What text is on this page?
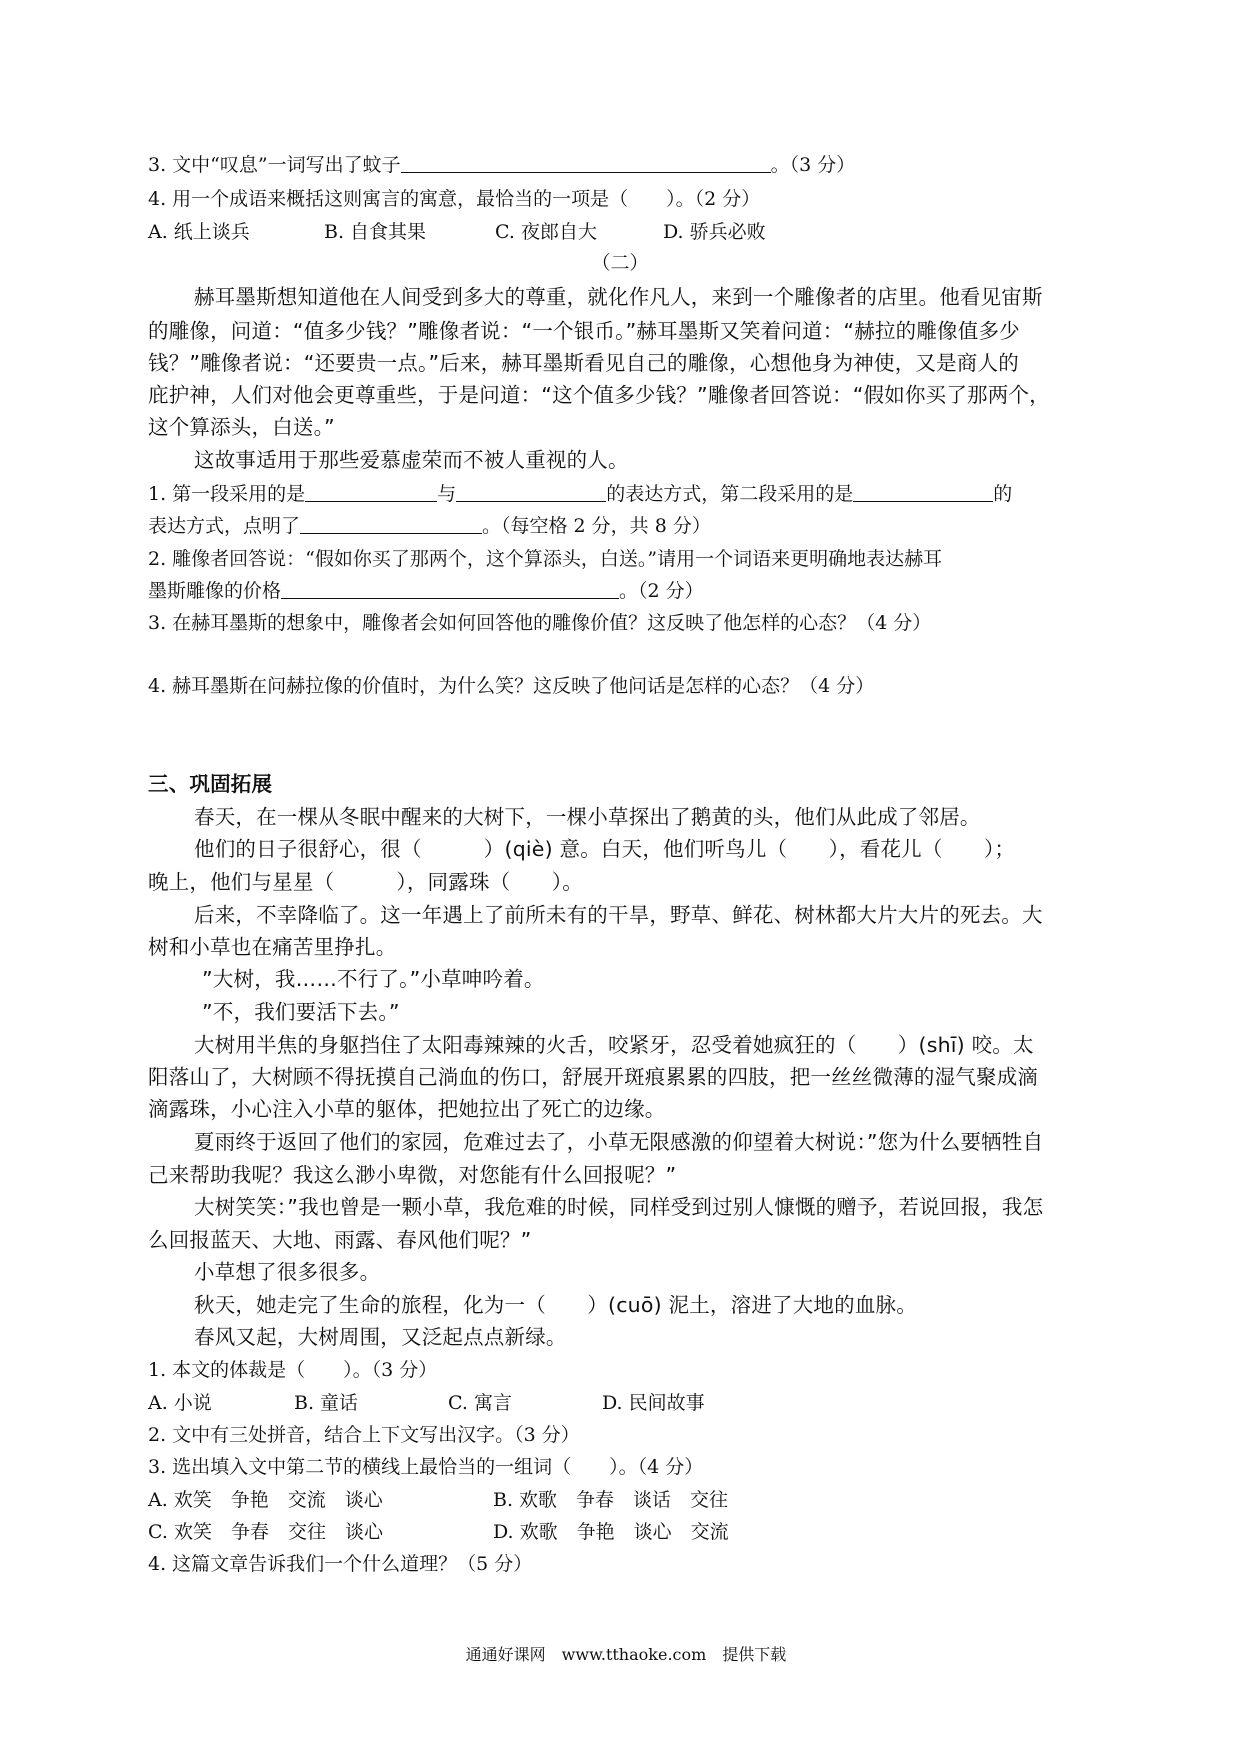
3. 文中“叹息”一词写出了蚊子	。（3 分）
4. 用一个成语来概括这则寓言的寓意，最恰当的一项是（　　）。（2 分）
A. 纸上谈兵	B. 自食其果	C. 夜郎自大	D. 骄兵必败
（二）
赫耳墨斯想知道他在人间受到多大的尊重，就化作凡人，来到一个雕像者的店里。他看见宙斯
的雕像，问道：“值多少钱？”雕像者说：“一个银币。”赫耳墨斯又笑着问道：“赫拉的雕像值多少
钱？”雕像者说：“还要贵一点。”后来，赫耳墨斯看见自己的雕像，心想他身为神使，又是商人的
庇护神，人们对他会更尊重些，于是问道：“这个值多少钱？”雕像者回答说：“假如你买了那两个，
这个算添头，白送。”
这故事适用于那些爱慕虚荣而不被人重视的人。
1. 第一段采用的是	与	的表达方式，第二段采用的是	的
表达方式，点明了	。（每空格 2 分，共 8 分）
2. 雕像者回答说：“假如你买了那两个，这个算添头，白送。”请用一个词语来更明确地表达赫耳
墨斯雕像的价格	。（2 分）
3. 在赫耳墨斯的想象中，雕像者会如何回答他的雕像价值？这反映了他怎样的心态？（4 分）
4. 赫耳墨斯在问赫拉像的价值时，为什么笑？这反映了他问话是怎样的心态？（4 分）
三、巩固拓展
春天，在一棵从冬眠中醒来的大树下，一棵小草探出了鹅黄的头，他们从此成了邻居。
他们的日子很舒心，很（　　　）(qiè) 意。白天，他们听鸟儿（　　），看花儿（　　）；
晚上，他们与星星（　　　），同露珠（　　）。
后来，不幸降临了。这一年遇上了前所未有的干旱，野草、鲜花、树林都大片大片的死去。大
树和小草也在痛苦里挣扎。
”大树，我……不行了。”小草呻吟着。
”不，我们要活下去。”
大树用半焦的身躯挡住了太阳毒辣辣的火舌，咬紧牙，忍受着她疯狂的（　　）(shī) 咬。太
阳落山了，大树顾不得抚摸自己淌血的伤口，舒展开斑痕累累的四肢，把一丝丝微薄的湿气聚成滴
滴露珠，小心注入小草的躯体，把她拉出了死亡的边缘。
夏雨终于返回了他们的家园，危难过去了，小草无限感激的仰望着大树说：”您为什么要牺牲自
己来帮助我呢？我这么渺小卑微，对您能有什么回报呢？”
大树笑笑：”我也曾是一颗小草，我危难的时候，同样受到过别人慷慨的赠予，若说回报，我怎
么回报蓝天、大地、雨露、春风他们呢？”
小草想了很多很多。
秋天，她走完了生命的旅程，化为一（　　）(cuō) 泥土，溶进了大地的血脉。
春风又起，大树周围，又泛起点点新绿。
1. 本文的体裁是（　　）。（3 分）
A. 小说	B. 童话	C. 寓言	D. 民间故事
2. 文中有三处拼音，结合上下文写出汉字。（3 分）
3. 选出填入文中第二节的横线上最恰当的一组词（　　）。（4 分）
A. 欢笑　争艳　交流　谈心	B. 欢歌　争春　谈话　交往
C. 欢笑　争春　交往　谈心	D. 欢歌　争艳　谈心　交流
4. 这篇文章告诉我们一个什么道理？（5 分）
通通好课网　www.tthaoke.com　提供下载
